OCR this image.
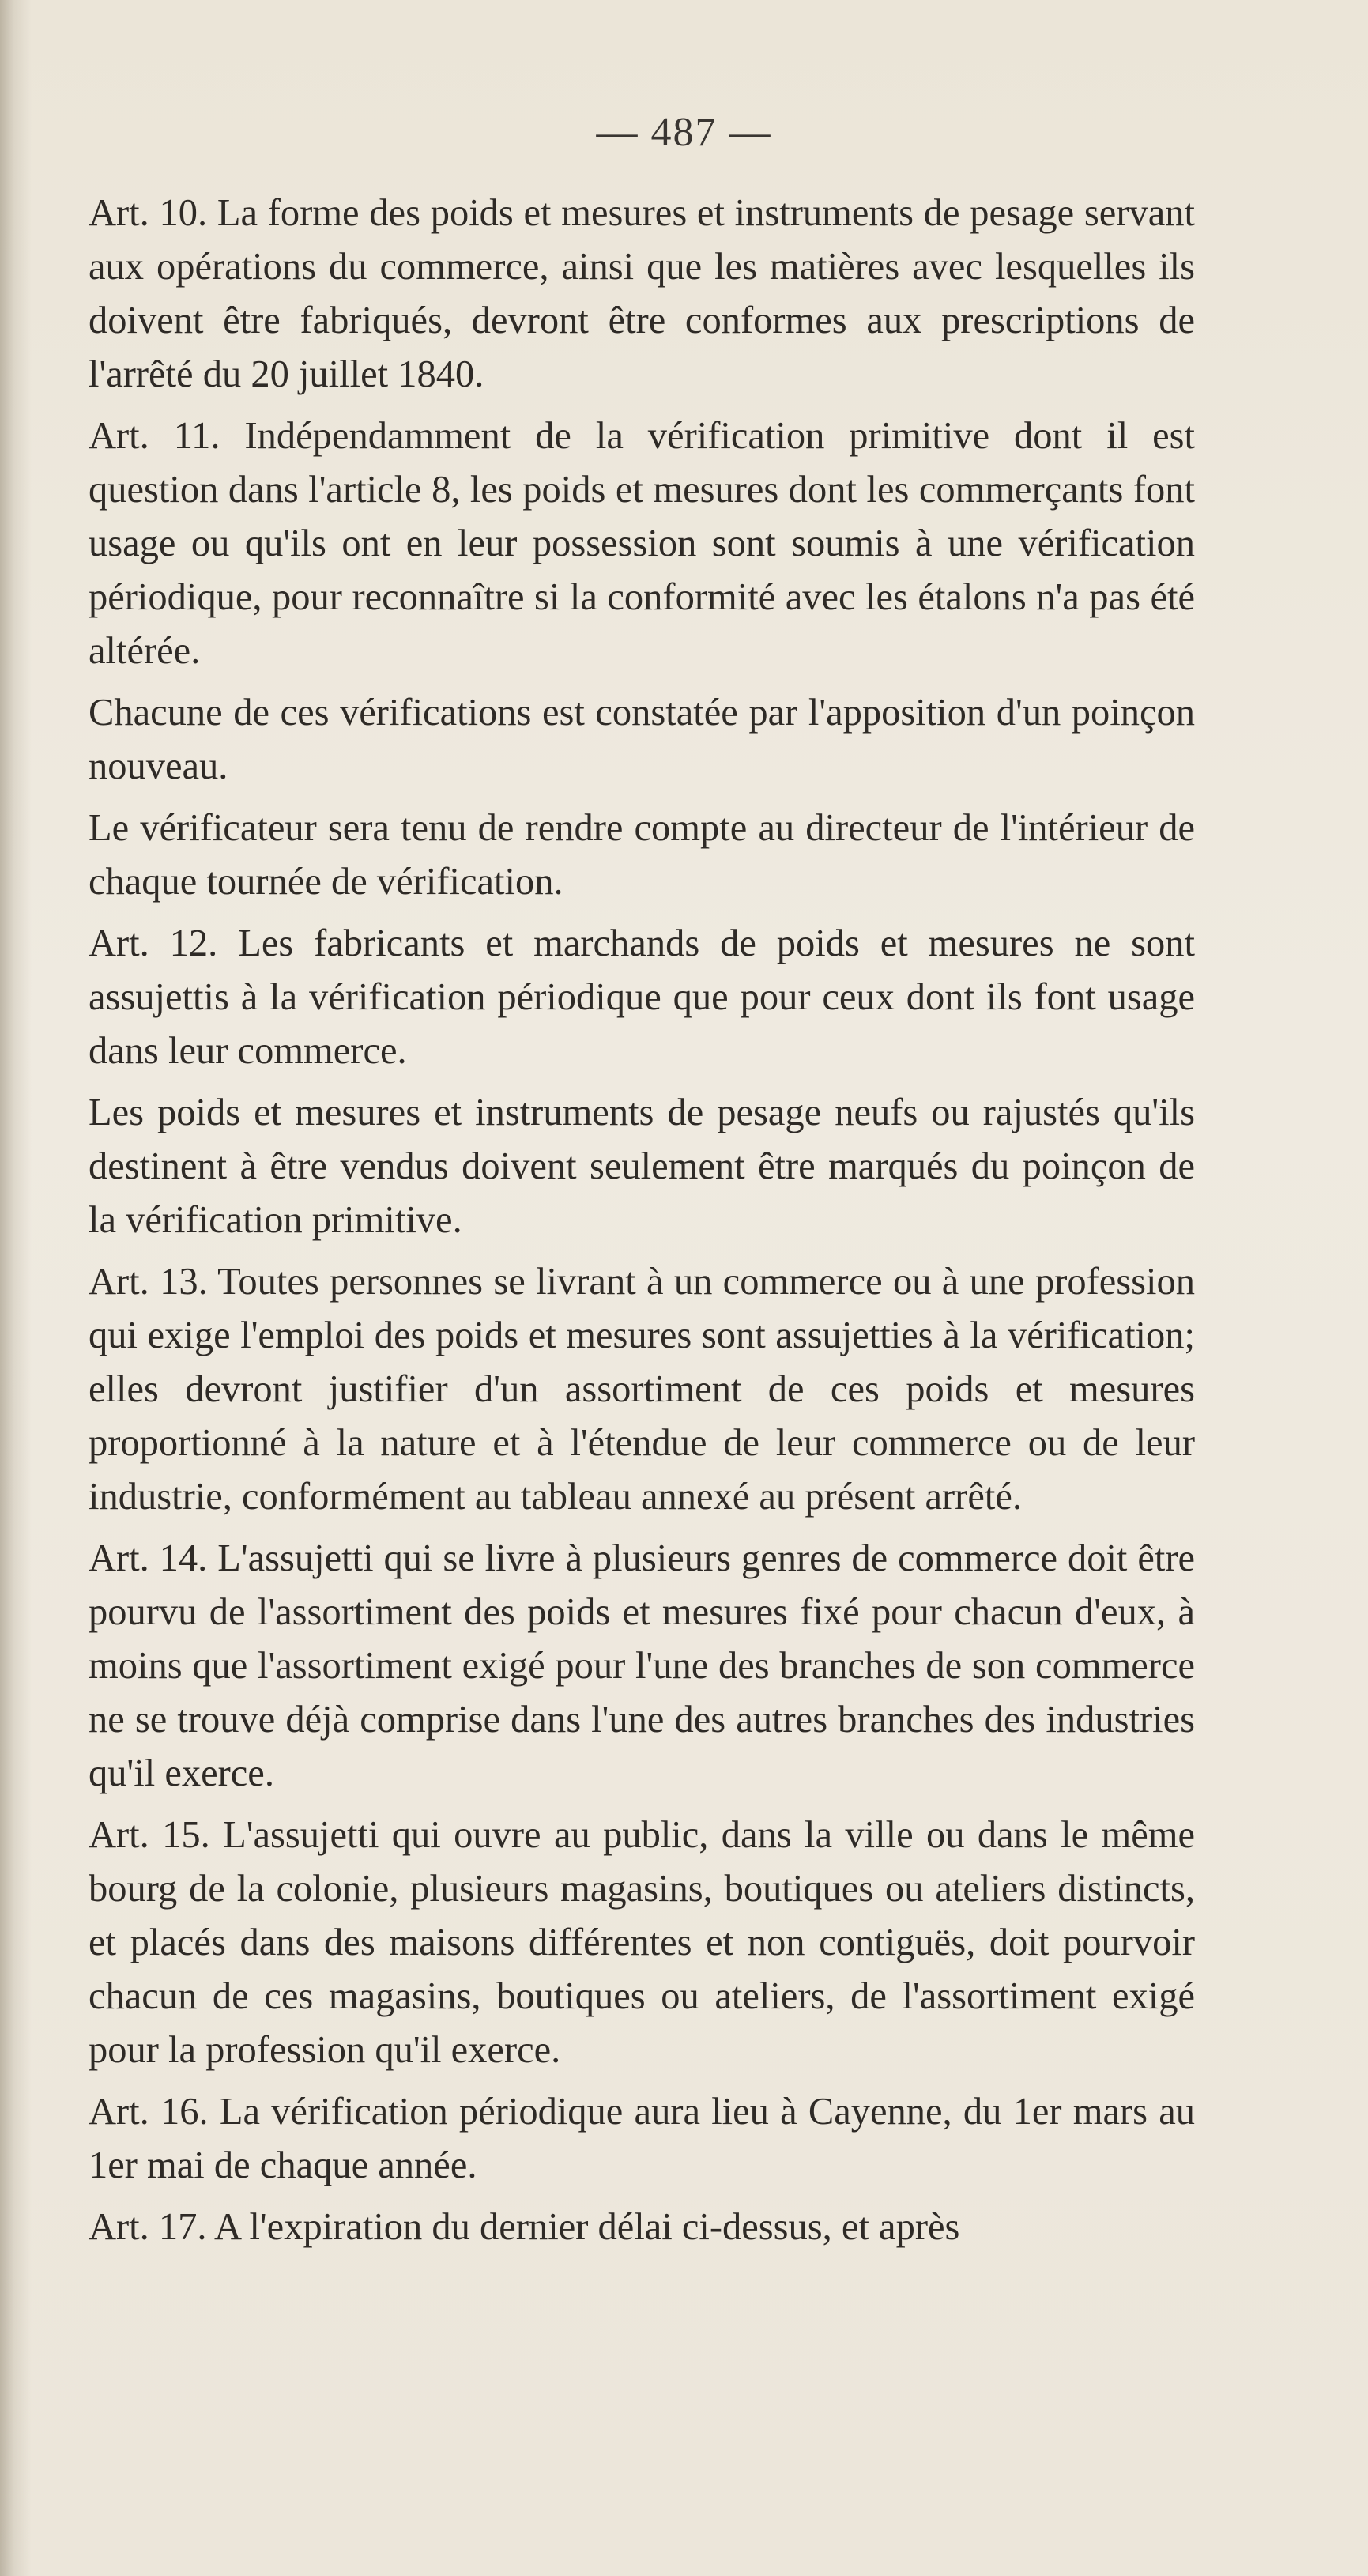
— 487 —

Art. 10. La forme des poids et mesures et instruments de pesage servant aux opérations du commerce, ainsi que les matières avec lesquelles ils doivent être fabriqués, devront être conformes aux prescriptions de l'arrêté du 20 juillet 1840.

Art. 11. Indépendamment de la vérification primitive dont il est question dans l'article 8, les poids et mesures dont les commerçants font usage ou qu'ils ont en leur possession sont soumis à une vérification périodique, pour reconnaître si la conformité avec les étalons n'a pas été altérée.

Chacune de ces vérifications est constatée par l'apposition d'un poinçon nouveau.

Le vérificateur sera tenu de rendre compte au directeur de l'intérieur de chaque tournée de vérification.

Art. 12. Les fabricants et marchands de poids et mesures ne sont assujettis à la vérification périodique que pour ceux dont ils font usage dans leur commerce.

Les poids et mesures et instruments de pesage neufs ou rajustés qu'ils destinent à être vendus doivent seulement être marqués du poinçon de la vérification primitive.

Art. 13. Toutes personnes se livrant à un commerce ou à une profession qui exige l'emploi des poids et mesures sont assujetties à la vérification; elles devront justifier d'un assortiment de ces poids et mesures proportionné à la nature et à l'étendue de leur commerce ou de leur industrie, conformément au tableau annexé au présent arrêté.

Art. 14. L'assujetti qui se livre à plusieurs genres de commerce doit être pourvu de l'assortiment des poids et mesures fixé pour chacun d'eux, à moins que l'assortiment exigé pour l'une des branches de son commerce ne se trouve déjà comprise dans l'une des autres branches des industries qu'il exerce.

Art. 15. L'assujetti qui ouvre au public, dans la ville ou dans le même bourg de la colonie, plusieurs magasins, boutiques ou ateliers distincts, et placés dans des maisons différentes et non contiguës, doit pourvoir chacun de ces magasins, boutiques ou ateliers, de l'assortiment exigé pour la profession qu'il exerce.

Art. 16. La vérification périodique aura lieu à Cayenne, du 1er mars au 1er mai de chaque année.

Art. 17. A l'expiration du dernier délai ci-dessus, et après
